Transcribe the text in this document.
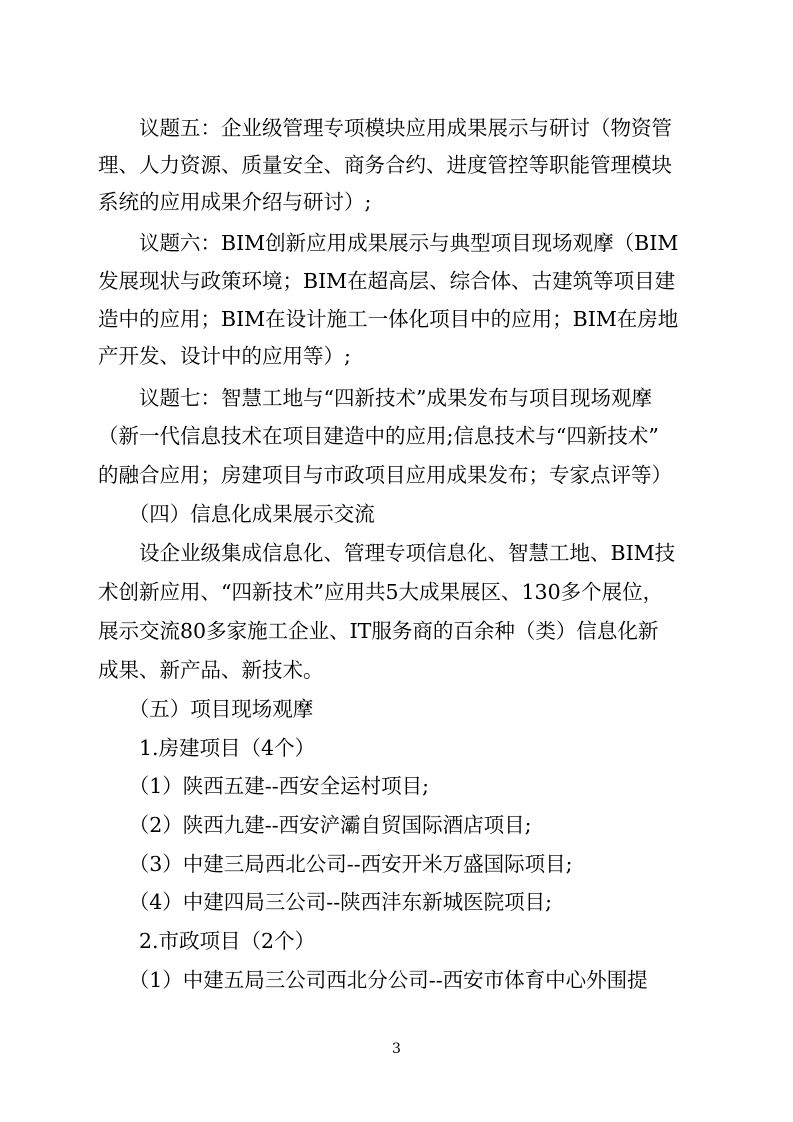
　　议题五：企业级管理专项模块应用成果展示与研讨（物资管
理、人力资源、质量安全、商务合约、进度管控等职能管理模块
系统的应用成果介绍与研讨）;
　　议题六：BIM创新应用成果展示与典型项目现场观摩（BIM
发展现状与政策环境；BIM在超高层、综合体、古建筑等项目建
造中的应用；BIM在设计施工一体化项目中的应用；BIM在房地
产开发、设计中的应用等）;
　　议题七：智慧工地与“四新技术”成果发布与项目现场观摩
（新一代信息技术在项目建造中的应用;信息技术与“四新技术”
的融合应用；房建项目与市政项目应用成果发布；专家点评等）
　　（四）信息化成果展示交流
　　设企业级集成信息化、管理专项信息化、智慧工地、BIM技
术创新应用、“四新技术”应用共5大成果展区、130多个展位，
展示交流80多家施工企业、IT服务商的百余种（类）信息化新
成果、新产品、新技术。
　　（五）项目现场观摩
　　1.房建项目（4个）
　　（1）陕西五建--西安全运村项目;
　　（2）陕西九建--西安浐灞自贸国际酒店项目;
　　（3）中建三局西北公司--西安开米万盛国际项目;
　　（4）中建四局三公司--陕西沣东新城医院项目;
　　2.市政项目（2个）
　　（1）中建五局三公司西北分公司--西安市体育中心外围提
3
